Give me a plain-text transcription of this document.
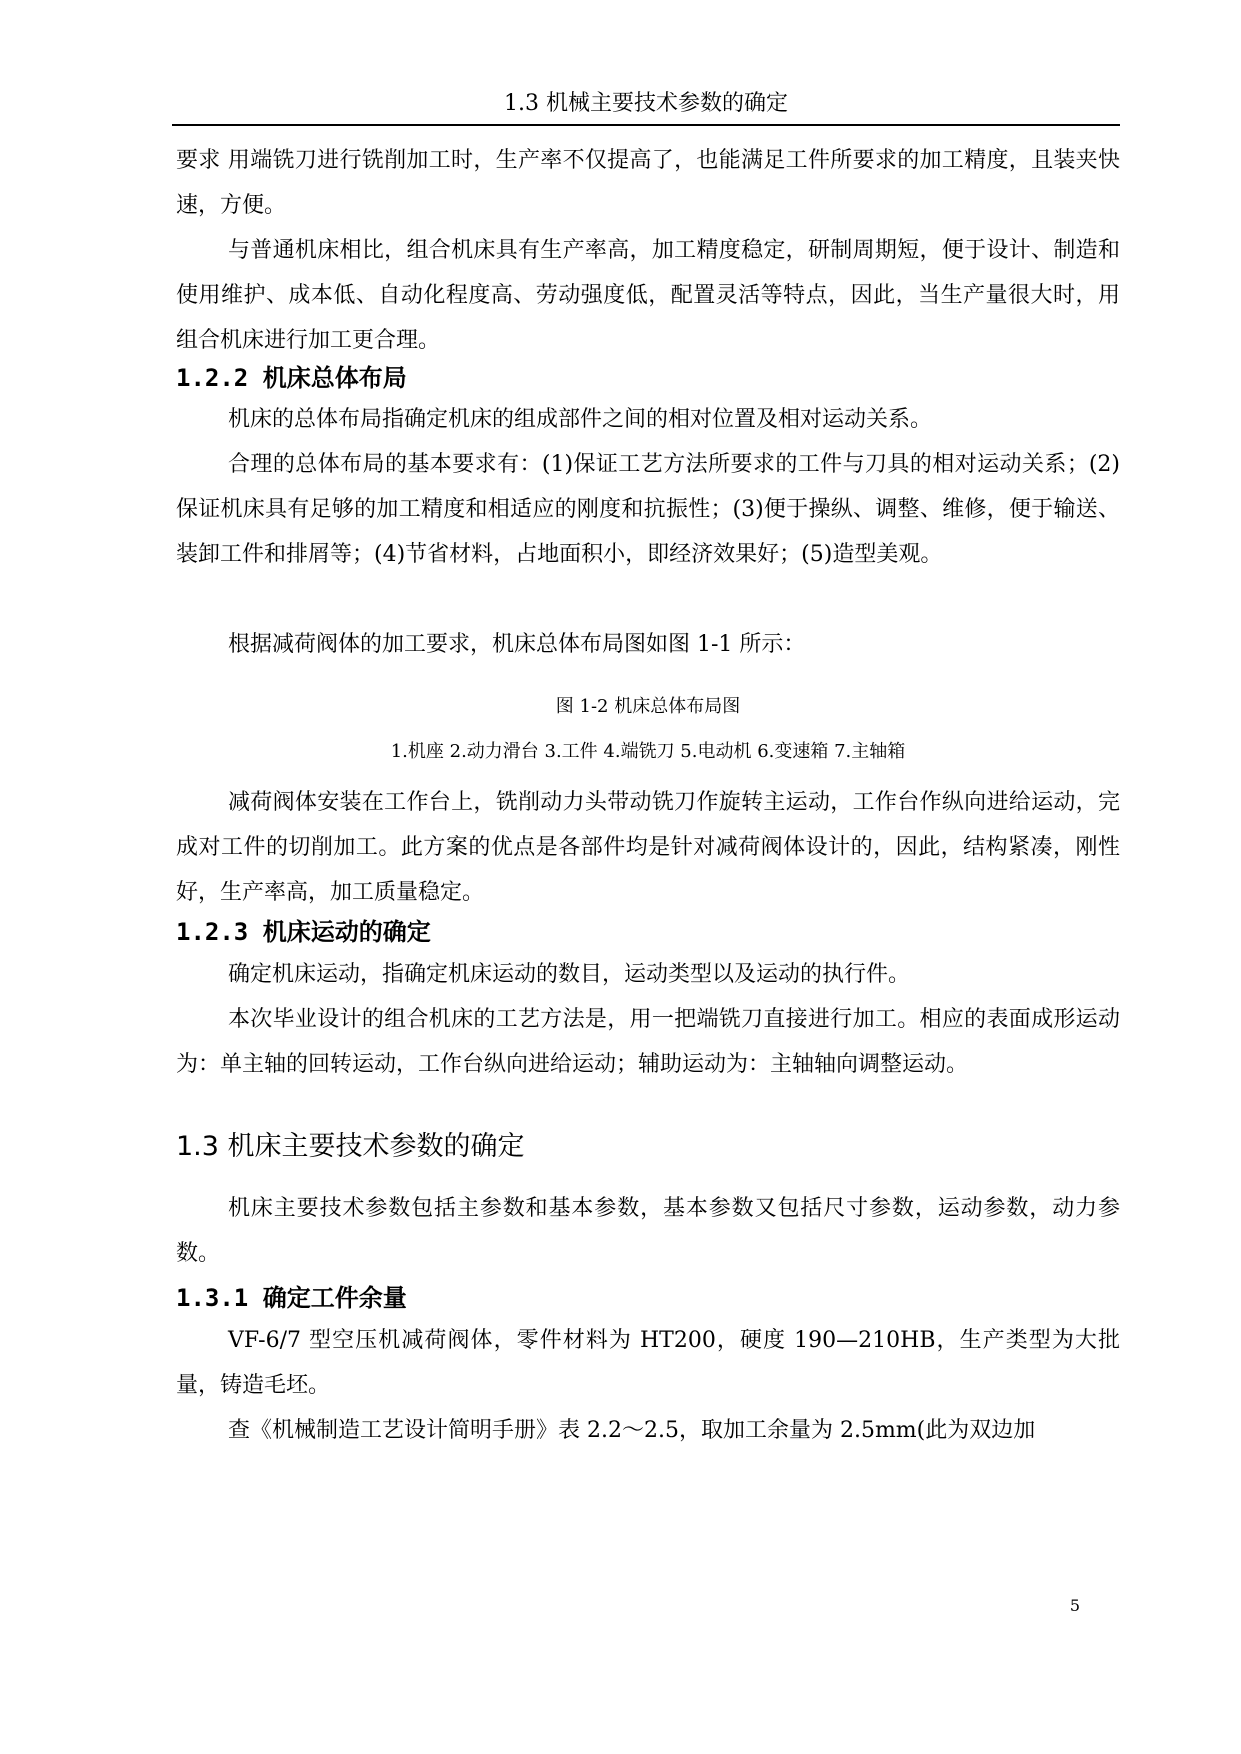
1.3 机械主要技术参数的确定

要求 用端铣刀进行铣削加工时，生产率不仅提高了，也能满足工件所要求的加工精度，且装夹快速，方便。

与普通机床相比，组合机床具有生产率高，加工精度稳定，研制周期短，便于设计、制造和使用维护、成本低、自动化程度高、劳动强度低，配置灵活等特点，因此，当生产量很大时，用组合机床进行加工更合理。

1.2.2 机床总体布局

机床的总体布局指确定机床的组成部件之间的相对位置及相对运动关系。

合理的总体布局的基本要求有：(1)保证工艺方法所要求的工件与刀具的相对运动关系；(2)保证机床具有足够的加工精度和相适应的刚度和抗振性；(3)便于操纵、调整、维修，便于输送、装卸工件和排屑等；(4)节省材料，占地面积小，即经济效果好；(5)造型美观。

根据减荷阀体的加工要求，机床总体布局图如图 1-1 所示：

图 1-2 机床总体布局图

1.机座 2.动力滑台 3.工件 4.端铣刀 5.电动机 6.变速箱 7.主轴箱

减荷阀体安装在工作台上，铣削动力头带动铣刀作旋转主运动，工作台作纵向进给运动，完成对工件的切削加工。此方案的优点是各部件均是针对减荷阀体设计的，因此，结构紧凑，刚性好，生产率高，加工质量稳定。

1.2.3 机床运动的确定

确定机床运动，指确定机床运动的数目，运动类型以及运动的执行件。

本次毕业设计的组合机床的工艺方法是，用一把端铣刀直接进行加工。相应的表面成形运动为：单主轴的回转运动，工作台纵向进给运动；辅助运动为：主轴轴向调整运动。

1.3 机床主要技术参数的确定

机床主要技术参数包括主参数和基本参数，基本参数又包括尺寸参数，运动参数，动力参数。

1.3.1 确定工件余量

VF-6/7 型空压机减荷阀体，零件材料为 HT200，硬度 190—210HB，生产类型为大批量，铸造毛坯。

查《机械制造工艺设计简明手册》表 2.2～2.5，取加工余量为 2.5mm(此为双边加

5
